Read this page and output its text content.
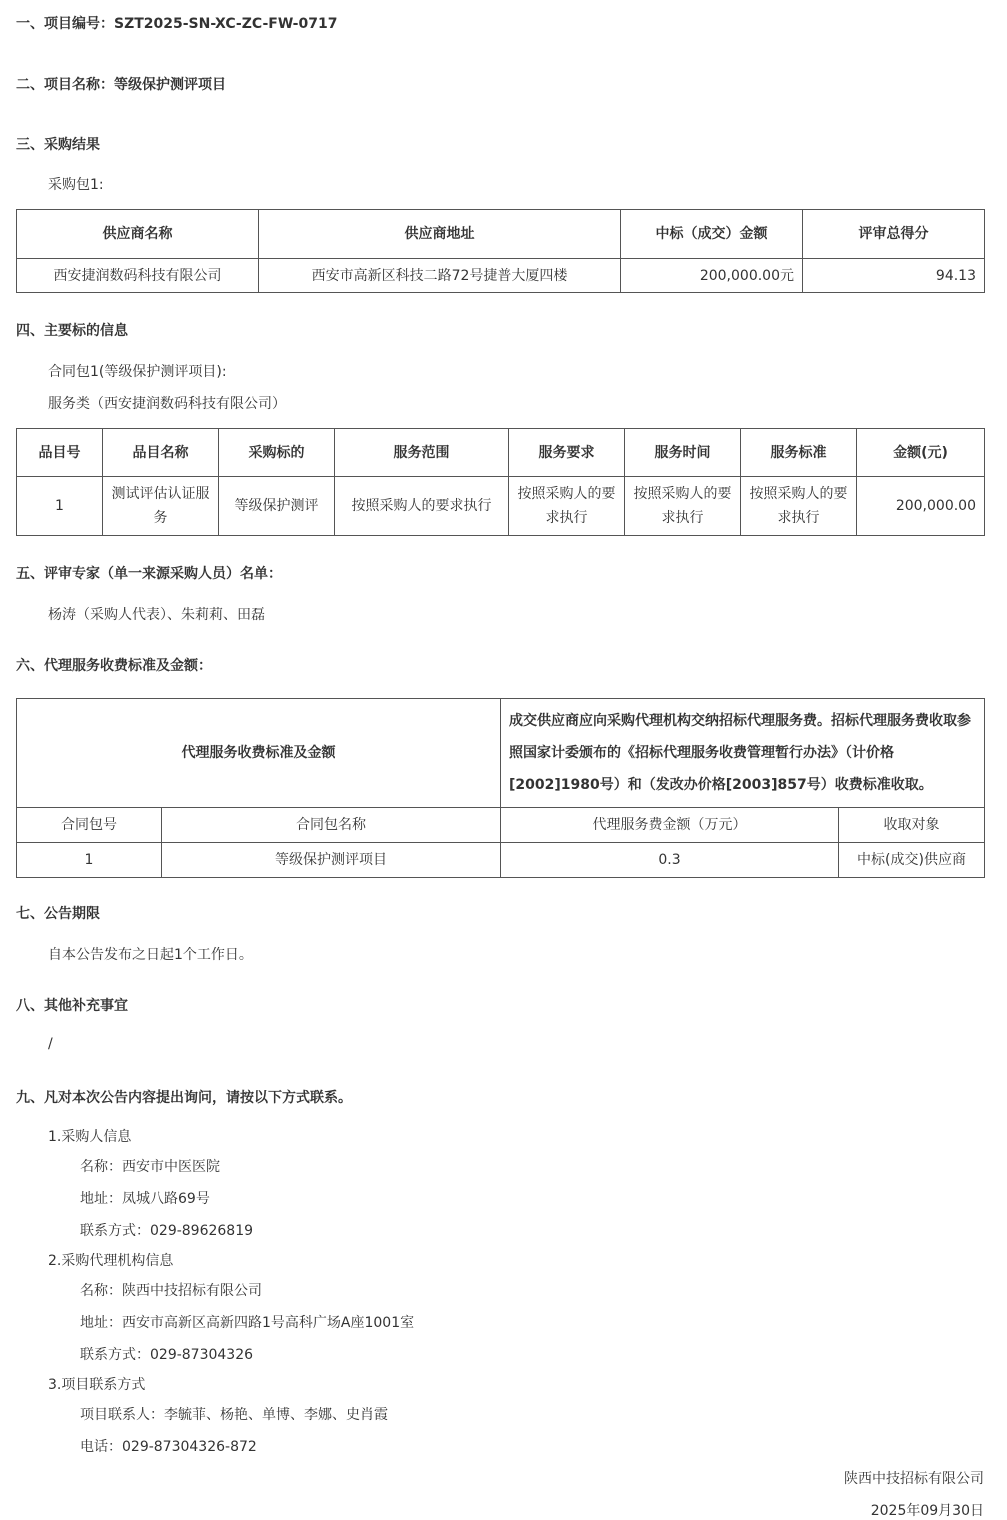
一、项目编号：SZT2025-SN-XC-ZC-FW-0717
二、项目名称：等级保护测评项目
三、采购结果
采购包1:
供应商名称	供应商地址	中标（成交）金额	评审总得分
西安捷润数码科技有限公司	西安市高新区科技二路72号捷普大厦四楼	200,000.00元	94.13
四、主要标的信息
合同包1(等级保护测评项目):
服务类（西安捷润数码科技有限公司）
品目号	品目名称	采购标的	服务范围	服务要求	服务时间	服务标准	金额(元)
1	测试评估认证服务	等级保护测评	按照采购人的要求执行	按照采购人的要求执行	按照采购人的要求执行	按照采购人的要求执行	200,000.00
五、评审专家（单一来源采购人员）名单：
杨涛（采购人代表）、朱莉莉、田磊
六、代理服务收费标准及金额：
代理服务收费标准及金额		成交供应商应向采购代理机构交纳招标代理服务费。招标代理服务费收取参照国家计委颁布的《招标代理服务收费管理暂行办法》（计价格[2002]1980号）和（发改办价格[2003]857号）收费标准收取。	
合同包号	合同包名称	代理服务费金额（万元）	收取对象
1	等级保护测评项目	0.3	中标(成交)供应商
七、公告期限
自本公告发布之日起1个工作日。
八、其他补充事宜
/
九、凡对本次公告内容提出询问，请按以下方式联系。
1.采购人信息
名称：西安市中医医院
地址：凤城八路69号
联系方式：029-89626819
2.采购代理机构信息
名称：陕西中技招标有限公司
地址：西安市高新区高新四路1号高科广场A座1001室
联系方式：029-87304326
3.项目联系方式
项目联系人：李毓菲、杨艳、单博、李娜、史肖霞
电话：029-87304326-872
陕西中技招标有限公司
2025年09月30日
